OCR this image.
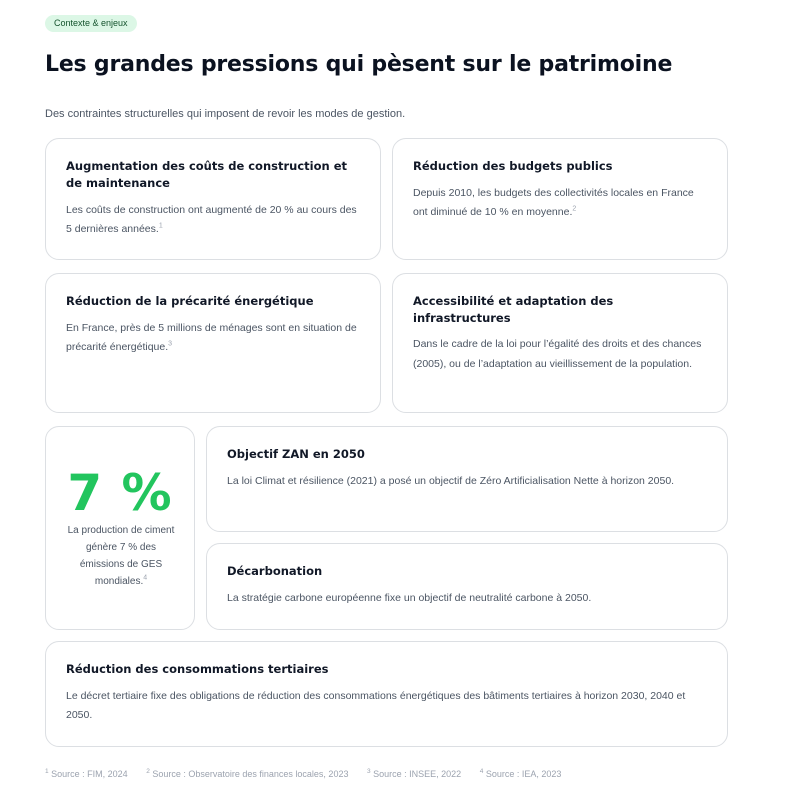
Contexte & enjeux
Les grandes pressions qui pèsent sur le patrimoine
Des contraintes structurelles qui imposent de revoir les modes de gestion.
Augmentation des coûts de construction et de maintenance

Les coûts de construction ont augmenté de 20 % au cours des 5 dernières années.$^1$

Réduction des budgets publics

Depuis 2010, les budgets des collectivités locales en France ont diminué de 10 % en moyenne.$^2$

Réduction de la précarité énergétique

En France, près de 5 millions de ménages sont en situation de précarité énergétique.$^3$

Accessibilité et adaptation des infrastructures

Dans le cadre de la loi pour l’égalité des droits et des chances (2005), ou de l’adaptation au vieillissement de la population.

7 %
La production de ciment génère 7 % des émissions de GES mondiales.$^4$
Objectif ZAN en 2050

La loi Climat et résilience (2021) a posé un objectif de Zéro Artificialisation Nette à horizon 2050.

Décarbonation

La stratégie carbone européenne fixe un objectif de neutralité carbone à 2050.

Réduction des consommations tertiaires

Le décret tertiaire fixe des obligations de réduction des consommations énergétiques des bâtiments tertiaires à horizon 2030, 2040 et 2050.

$^1$ Source : FIM, 2024	$^2$ Source : Observatoire des finances locales, 2023	$^3$ Source : INSEE, 2022	$^4$ Source : IEA, 2023
